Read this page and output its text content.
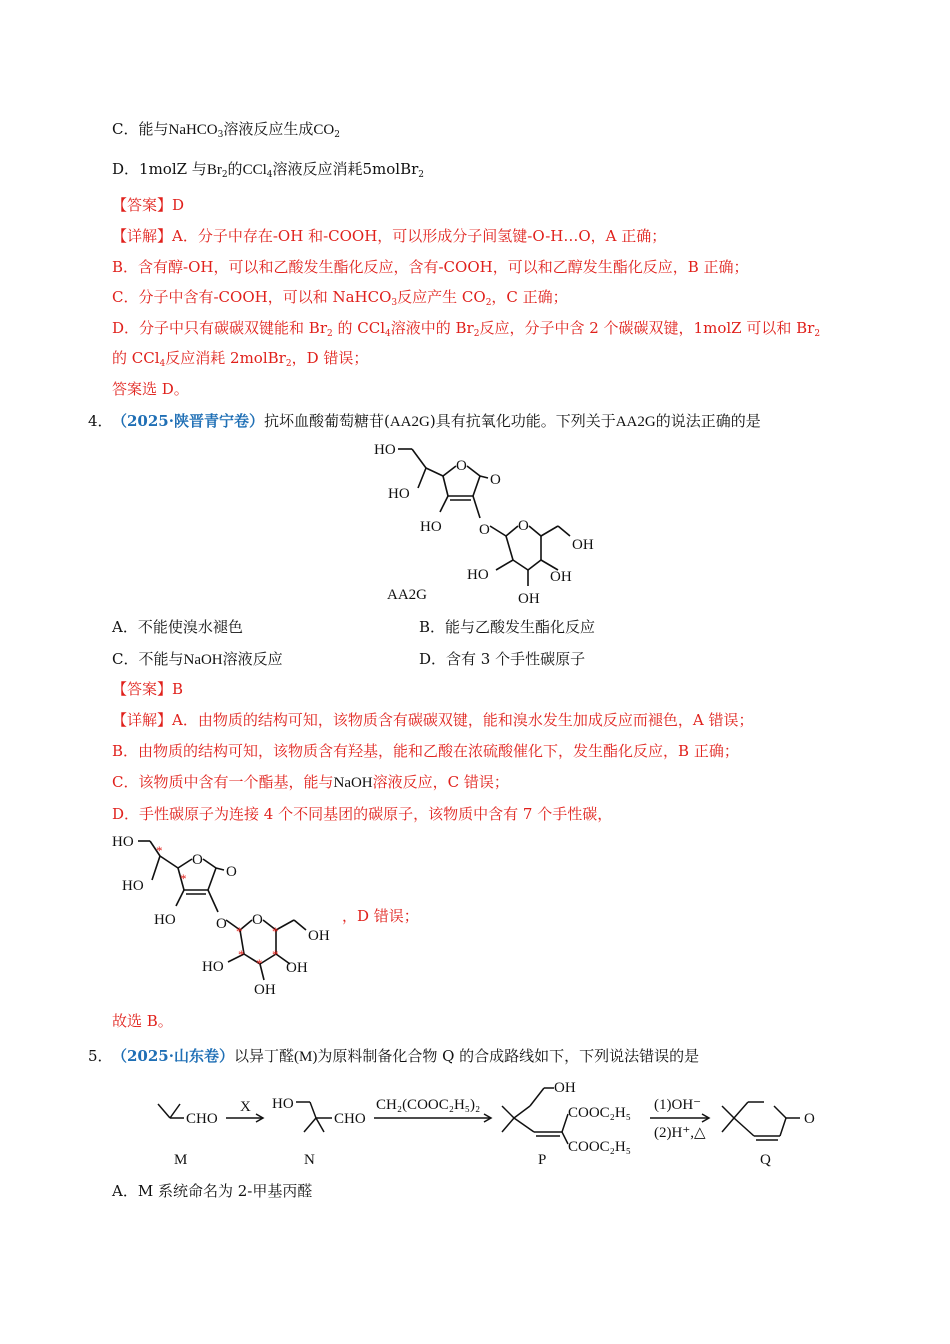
C．能与NaHCO$_3$溶液反应生成$CO_2$
D．1molZ 与$Br_2$的CCl$_4$溶液反应消耗5molBr$_2$
【答案】D
【详解】A．分子中存在-OH 和-COOH，可以形成分子间氢键-O-H…O，A 正确；
B．含有醇-OH，可以和乙酸发生酯化反应，含有-COOH，可以和乙醇发生酯化反应，B 正确；
C．分子中含有-COOH，可以和 NaHCO$_3$反应产生 $CO_2$，C 正确；
D．分子中只有碳碳双键能和 $Br_2$ 的 CCl$_4$溶液中的 $Br_2$反应，分子中含 2 个碳碳双键，1molZ 可以和 $Br_2$
的 CCl$_4$反应消耗 2molBr$_2$，D 错误；
答案选 D。
4． （2025·陕晋青宁卷）抗坏血酸葡萄糖苷(AA2G)具有抗氧化功能。下列关于AA2G的说法正确的是
HO
HO
O
O
HO O O
OH
HO	OH
OH
AA2G
A．不能使溴水褪色	B．能与乙酸发生酯化反应
C．不能与NaOH溶液反应	D．含有 3 个手性碳原子
【答案】B
【详解】A．由物质的结构可知，该物质含有碳碳双键，能和溴水发生加成反应而褪色，A 错误；
B．由物质的结构可知，该物质含有羟基，能和乙酸在浓硫酸催化下，发生酯化反应，B 正确；
C．该物质中含有一个酯基，能与NaOH溶液反应，C 错误；
D．手性碳原子为连接 4 个不同基团的碳原子，该物质中含有 7 个手性碳，
HO
HO
O
O
HO	O O
OH
HO	OH
OH
*
*
* *
*
*
*
，D 错误；
故选 B。
5． （2025·山东卷）以异丁醛(M)为原料制备化合物 Q 的合成路线如下，下列说法错误的是
CHO
M
X HO
CHO
N
CH₂(COOC₂H₅)₂
OH
COOC₂H₅
COOC₂H₅
P
(1)OH⁻
(2)H⁺,△
O
Q
A．M 系统命名为 2-甲基丙醛
